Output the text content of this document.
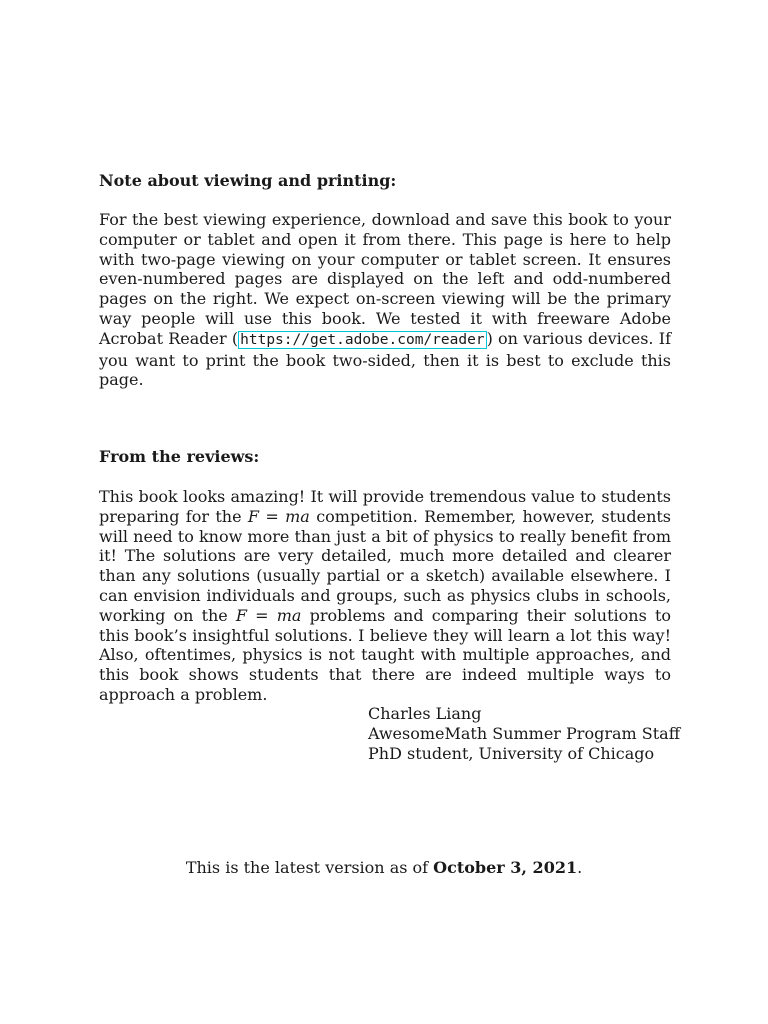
Note about viewing and printing:

For the best viewing experience, download and save this book to your computer or tablet and open it from there. This page is here to help with two-page viewing on your computer or tablet screen. It ensures even-numbered pages are displayed on the left and odd-numbered pages on the right. We expect on-screen viewing will be the primary way people will use this book. We tested it with freeware Adobe Acrobat Reader ( https://get.adobe.com/reader ) on various devices. If you want to print the book two-sided, then it is best to exclude this page.

From the reviews:

This book looks amazing! It will provide tremendous value to students preparing for the F = ma competition. Remember, however, students will need to know more than just a bit of physics to really benefit from it! The solutions are very detailed, much more detailed and clearer than any solutions (usually partial or a sketch) available elsewhere. I can envision individuals and groups, such as physics clubs in schools, working on the F = ma problems and comparing their solutions to this book’s insightful solutions. I believe they will learn a lot this way! Also, oftentimes, physics is not taught with multiple approaches, and this book shows students that there are indeed multiple ways to approach a problem.

Charles Liang
AwesomeMath Summer Program Staff
PhD student, University of Chicago
This is the latest version as of October 3, 2021.
